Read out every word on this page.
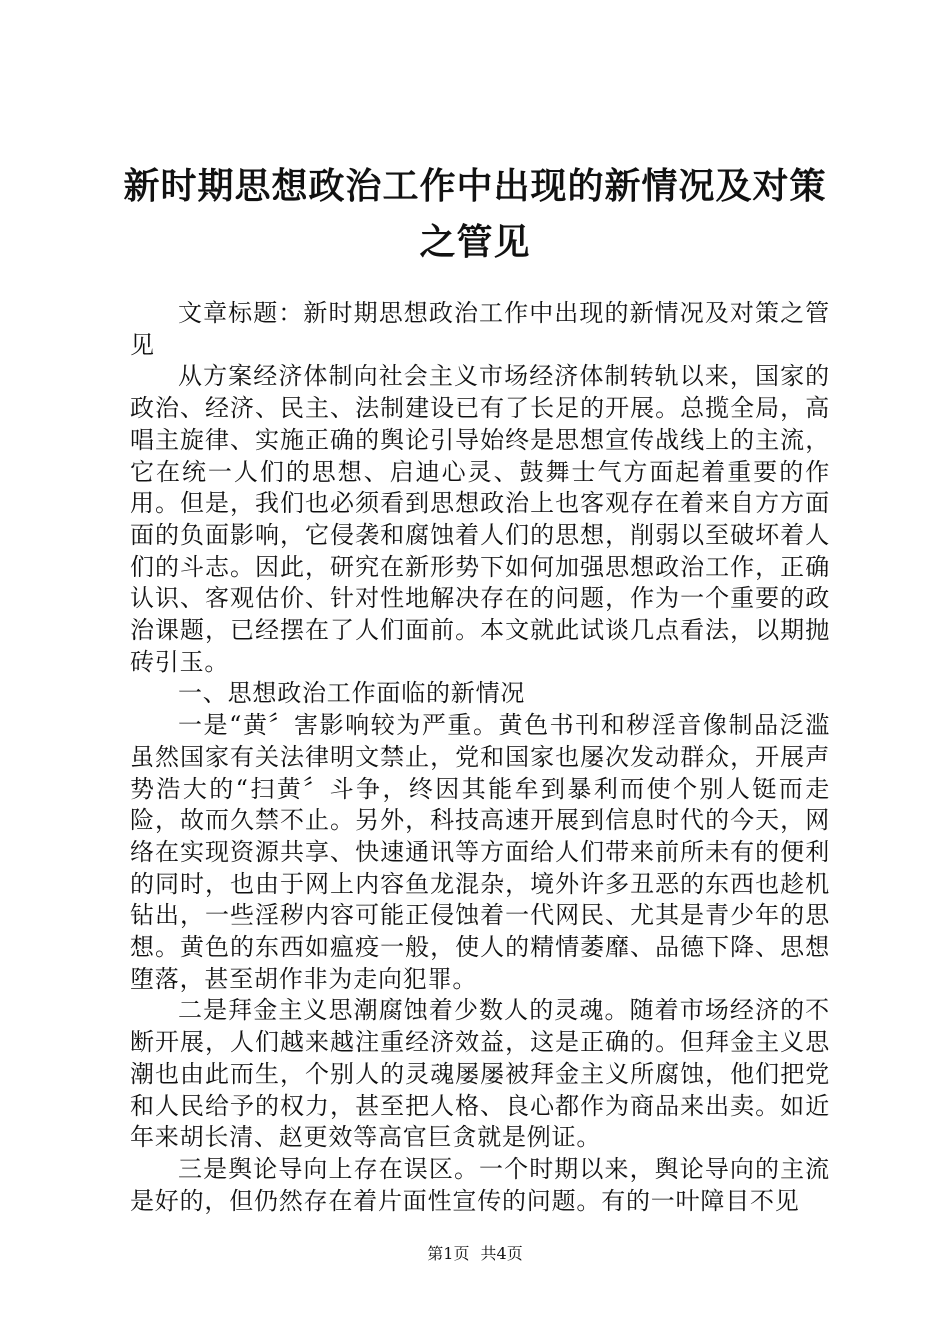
新时期思想政治工作中出现的新情况及对策之管见

文章标题：新时期思想政治工作中出现的新情况及对策之管见

从方案经济体制向社会主义市场经济体制转轨以来，国家的政治、经济、民主、法制建设已有了长足的开展。总揽全局，高唱主旋律、实施正确的舆论引导始终是思想宣传战线上的主流，它在统一人们的思想、启迪心灵、鼓舞士气方面起着重要的作用。但是，我们也必须看到思想政治上也客观存在着来自方方面面的负面影响，它侵袭和腐蚀着人们的思想，削弱以至破坏着人们的斗志。因此，研究在新形势下如何加强思想政治工作，正确认识、客观估价、针对性地解决存在的问题，作为一个重要的政治课题，已经摆在了人们面前。本文就此试谈几点看法，以期抛砖引玉。

一、思想政治工作面临的新情况

一是“黄〞害影响较为严重。黄色书刊和秽淫音像制品泛滥虽然国家有关法律明文禁止，党和国家也屡次发动群众，开展声势浩大的“扫黄〞斗争，终因其能牟到暴利而使个别人铤而走险，故而久禁不止。另外，科技高速开展到信息时代的今天，网络在实现资源共享、快速通讯等方面给人们带来前所未有的便利的同时，也由于网上内容鱼龙混杂，境外许多丑恶的东西也趁机钻出，一些淫秽内容可能正侵蚀着一代网民、尤其是青少年的思想。黄色的东西如瘟疫一般，使人的精情萎靡、品德下降、思想堕落，甚至胡作非为走向犯罪。

二是拜金主义思潮腐蚀着少数人的灵魂。随着市场经济的不断开展，人们越来越注重经济效益，这是正确的。但拜金主义思潮也由此而生，个别人的灵魂屡屡被拜金主义所腐蚀，他们把党和人民给予的权力，甚至把人格、良心都作为商品来出卖。如近年来胡长清、赵更效等高官巨贪就是例证。

三是舆论导向上存在误区。一个时期以来，舆论导向的主流是好的，但仍然存在着片面性宣传的问题。有的一叶障目不见

第1页 共4页
